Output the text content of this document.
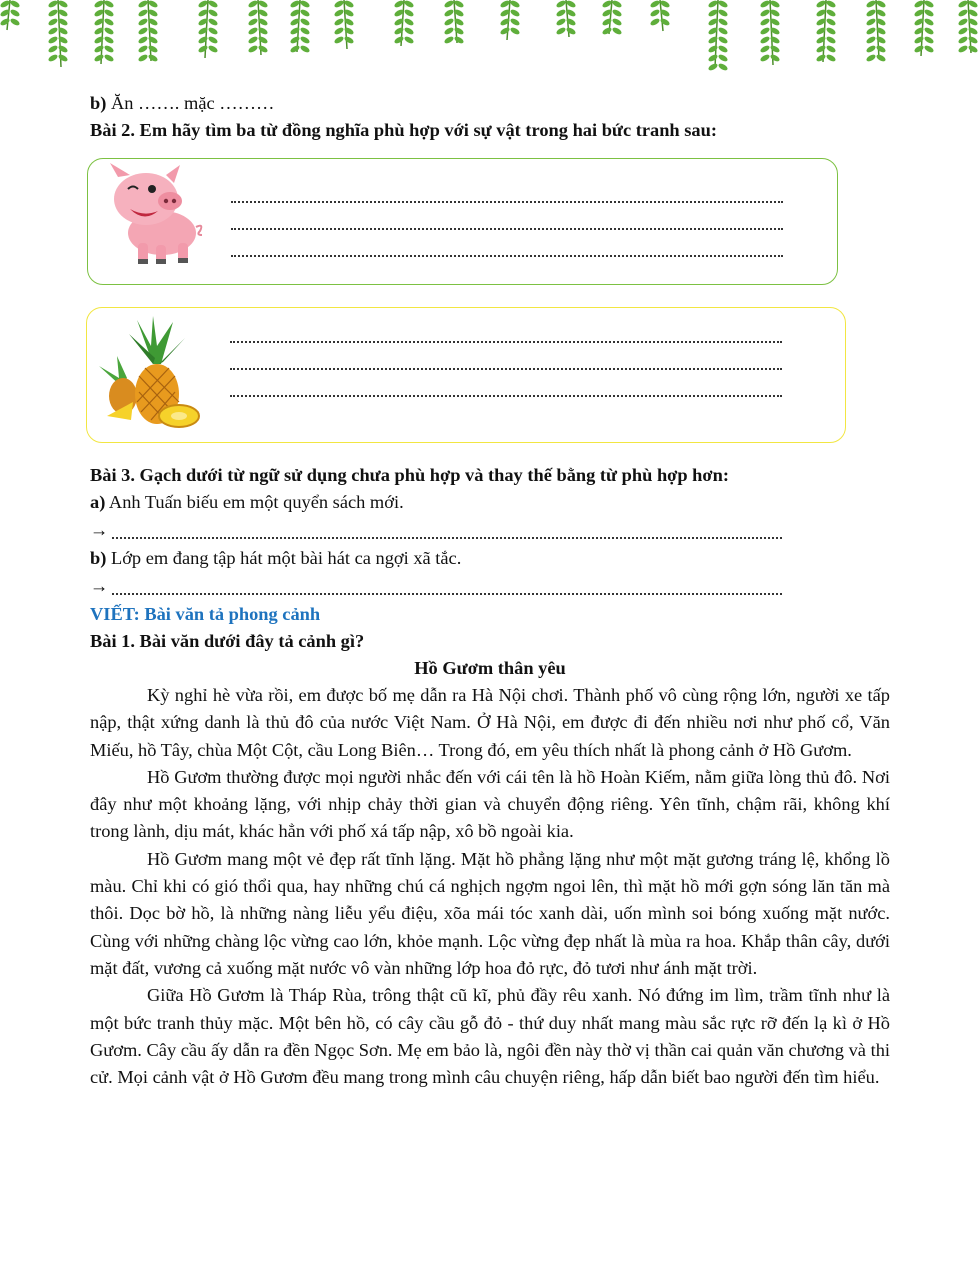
b) Ăn ……. mặc ………

Bài 2. Em hãy tìm ba từ đồng nghĩa phù hợp với sự vật trong hai bức tranh sau:

Bài 3. Gạch dưới từ ngữ sử dụng chưa phù hợp và thay thế bằng từ phù hợp hơn:

a) Anh Tuấn biếu em một quyển sách mới.

→

b) Lớp em đang tập hát một bài hát ca ngợi xã tắc.

→

VIẾT: Bài văn tả phong cảnh

Bài 1. Bài văn dưới đây tả cảnh gì?

Hồ Gươm thân yêu

Kỳ nghỉ hè vừa rồi, em được bố mẹ dẫn ra Hà Nội chơi. Thành phố vô cùng rộng lớn, người xe tấp nập, thật xứng danh là thủ đô của nước Việt Nam. Ở Hà Nội, em được đi đến nhiều nơi như phố cổ, Văn Miếu, hồ Tây, chùa Một Cột, cầu Long Biên… Trong đó, em yêu thích nhất là phong cảnh ở Hồ Gươm.

Hồ Gươm thường được mọi người nhắc đến với cái tên là hồ Hoàn Kiếm, nằm giữa lòng thủ đô. Nơi đây như một khoảng lặng, với nhịp chảy thời gian và chuyển động riêng. Yên tĩnh, chậm rãi, không khí trong lành, dịu mát, khác hẳn với phố xá tấp nập, xô bồ ngoài kia.

Hồ Gươm mang một vẻ đẹp rất tĩnh lặng. Mặt hồ phẳng lặng như một mặt gương tráng lệ, khổng lồ màu. Chỉ khi có gió thổi qua, hay những chú cá nghịch ngợm ngoi lên, thì mặt hồ mới gợn sóng lăn tăn mà thôi. Dọc bờ hồ, là những nàng liễu yểu điệu, xõa mái tóc xanh dài, uốn mình soi bóng xuống mặt nước. Cùng với những chàng lộc vừng cao lớn, khỏe mạnh. Lộc vừng đẹp nhất là mùa ra hoa. Khắp thân cây, dưới mặt đất, vương cả xuống mặt nước vô vàn những lớp hoa đỏ rực, đỏ tươi như ánh mặt trời.

Giữa Hồ Gươm là Tháp Rùa, trông thật cũ kĩ, phủ đầy rêu xanh. Nó đứng im lìm, trầm tĩnh như là một bức tranh thủy mặc. Một bên hồ, có cây cầu gỗ đỏ - thứ duy nhất mang màu sắc rực rỡ đến lạ kì ở Hồ Gươm. Cây cầu ấy dẫn ra đền Ngọc Sơn. Mẹ em bảo là, ngôi đền này thờ vị thần cai quản văn chương và thi cử. Mọi cảnh vật ở Hồ Gươm đều mang trong mình câu chuyện riêng, hấp dẫn biết bao người đến tìm hiểu.
